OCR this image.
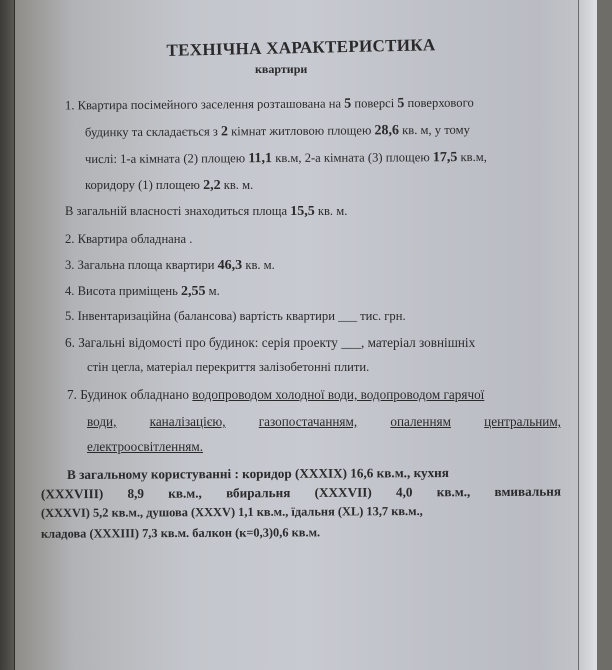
ТЕХНІЧНА ХАРАКТЕРИСТИКА
квартири
1. Квартира посімейного заселення розташована на 5 поверсі 5 поверхового
будинку та складається з 2 кімнат житловою площею 28,6 кв. м, у тому
числі: 1-а кімната (2) площею 11,1 кв.м, 2-а кімната (3) площею 17,5 кв.м,
коридору (1) площею 2,2 кв. м.
В загальній власності знаходиться площа 15,5 кв. м.
2. Квартира обладнана .
3. Загальна площа квартири 46,3 кв. м.
4. Висота приміщень 2,55 м.
5. Інвентаризаційна (балансова) вартість квартири ___ тис. грн.
6. Загальні відомості про будинок: серія проекту ___, матеріал зовнішніх
стін цегла, матеріал перекриття залізобетонні плити.
7. Будинок обладнано водопроводом холодної води, водопроводом гарячої
води,	каналізацією,	газопостачанням,	опаленням	центральним,
електроосвітленням.
В загальному користуванні : коридор (XXXIX) 16,6 кв.м., кухня
(XXXVIII) 8,9 кв.м., вбиральня (XXXVII) 4,0 кв.м., вмивальня
(XXXVI) 5,2 кв.м., душова (XXXV) 1,1 кв.м., їдальня (XL) 13,7 кв.м.,
кладова (XXXIII) 7,3 кв.м. балкон (к=0,3)0,6 кв.м.
